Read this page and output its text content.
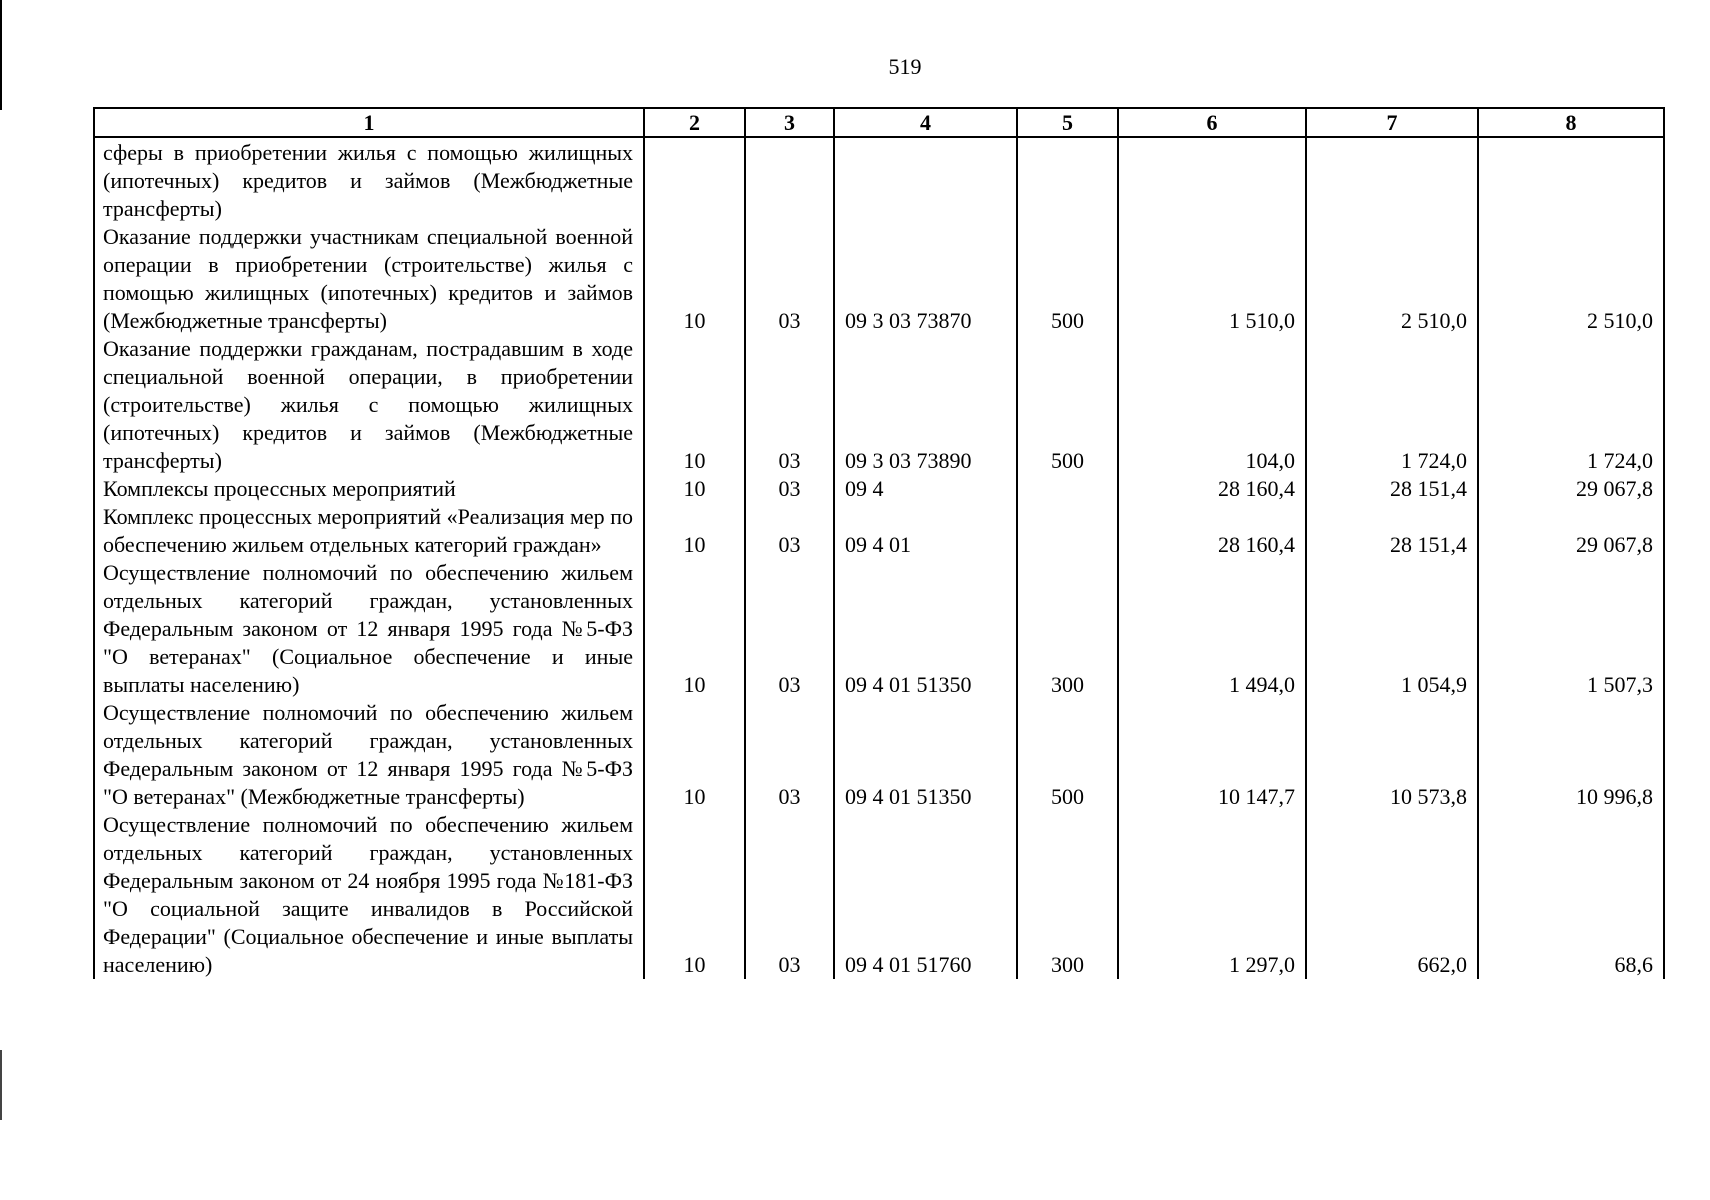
519
1	2	3	4	5	6	7	8
сферы в приобретении жилья с помощью жилищных (ипотечных) кредитов и займов (Межбюджетные трансферты)							
Оказание поддержки участникам специальной военной операции в приобретении (строительстве) жилья с помощью жилищных (ипотечных) кредитов и займов (Межбюджетные трансферты)	10	03	09 3 03 73870	500	1 510,0	2 510,0	2 510,0
Оказание поддержки гражданам, пострадавшим в ходе специальной военной операции, в приобретении (строительстве) жилья с помощью жилищных (ипотечных) кредитов и займов (Межбюджетные трансферты)	10	03	09 3 03 73890	500	104,0	1 724,0	1 724,0
Комплексы процессных мероприятий	10	03	09 4		28 160,4	28 151,4	29 067,8
Комплекс процессных мероприятий «Реализация мер по обеспечению жильем отдельных категорий граждан»	10	03	09 4 01		28 160,4	28 151,4	29 067,8
Осуществление полномочий по обеспечению жильем отдельных категорий граждан, установленных Федеральным законом от 12 января 1995 года №5-ФЗ "О ветеранах" (Социальное обеспечение и иные выплаты населению)	10	03	09 4 01 51350	300	1 494,0	1 054,9	1 507,3
Осуществление полномочий по обеспечению жильем отдельных категорий граждан, установленных Федеральным законом от 12 января 1995 года №5-ФЗ "О ветеранах" (Межбюджетные трансферты)	10	03	09 4 01 51350	500	10 147,7	10 573,8	10 996,8
Осуществление полномочий по обеспечению жильем отдельных категорий граждан, установленных Федеральным законом от 24 ноября 1995 года №181-ФЗ "О социальной защите инвалидов в Российской Федерации" (Социальное обеспечение и иные выплаты населению)	10	03	09 4 01 51760	300	1 297,0	662,0	68,6
